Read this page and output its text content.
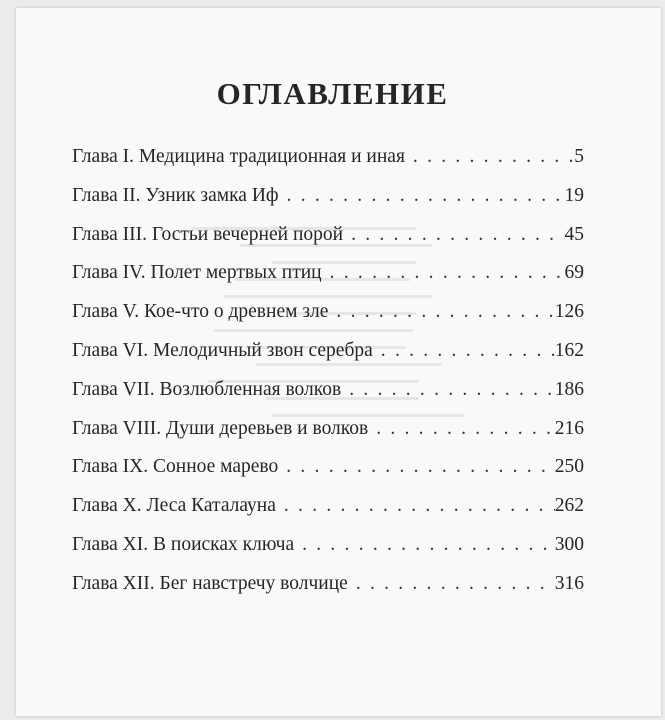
ОГЛАВЛЕНИЕ
Глава I. Медицина традиционная и иная . . .	5
Глава II. Узник замка Иф . . .	19
Глава III. Гостьи вечерней порой . . .	45
Глава IV. Полет мертвых птиц . . .	69
Глава V. Кое-что о древнем зле . . .	126
Глава VI. Мелодичный звон серебра . . .	162
Глава VII. Возлюбленная волков . . .	186
Глава VIII. Души деревьев и волков . . .	216
Глава IX. Сонное марево . . .	250
Глава X. Леса Каталауна . . .	262
Глава XI. В поисках ключа . . .	300
Глава XII. Бег навстречу волчице . . .	316
